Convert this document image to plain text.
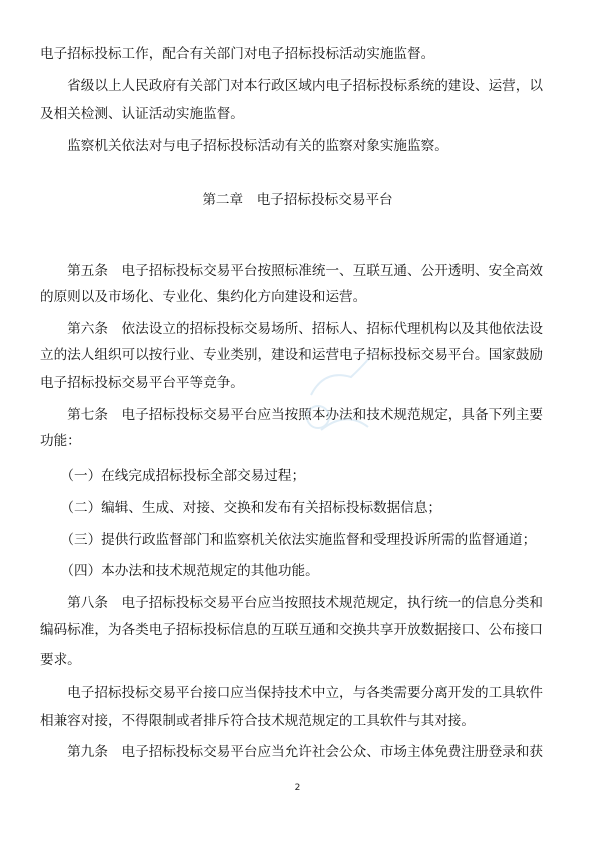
电子招标投标工作，配合有关部门对电子招标投标活动实施监督。
　　省级以上人民政府有关部门对本行政区域内电子招标投标系统的建设、运营，以
及相关检测、认证活动实施监督。
　　监察机关依法对与电子招标投标活动有关的监察对象实施监察。
第二章　电子招标投标交易平台
　　第五条　电子招标投标交易平台按照标准统一、互联互通、公开透明、安全高效
的原则以及市场化、专业化、集约化方向建设和运营。
　　第六条　依法设立的招标投标交易场所、招标人、招标代理机构以及其他依法设
立的法人组织可以按行业、专业类别，建设和运营电子招标投标交易平台。国家鼓励
电子招标投标交易平台平等竞争。
　　第七条　电子招标投标交易平台应当按照本办法和技术规范规定，具备下列主要
功能：
　　（一）在线完成招标投标全部交易过程；
　　（二）编辑、生成、对接、交换和发布有关招标投标数据信息；
　　（三）提供行政监督部门和监察机关依法实施监督和受理投诉所需的监督通道；
　　（四）本办法和技术规范规定的其他功能。
　　第八条　电子招标投标交易平台应当按照技术规范规定，执行统一的信息分类和
编码标准，为各类电子招标投标信息的互联互通和交换共享开放数据接口、公布接口
要求。
　　电子招标投标交易平台接口应当保持技术中立，与各类需要分离开发的工具软件
相兼容对接，不得限制或者排斥符合技术规范规定的工具软件与其对接。
　　第九条　电子招标投标交易平台应当允许社会公众、市场主体免费注册登录和获
2
